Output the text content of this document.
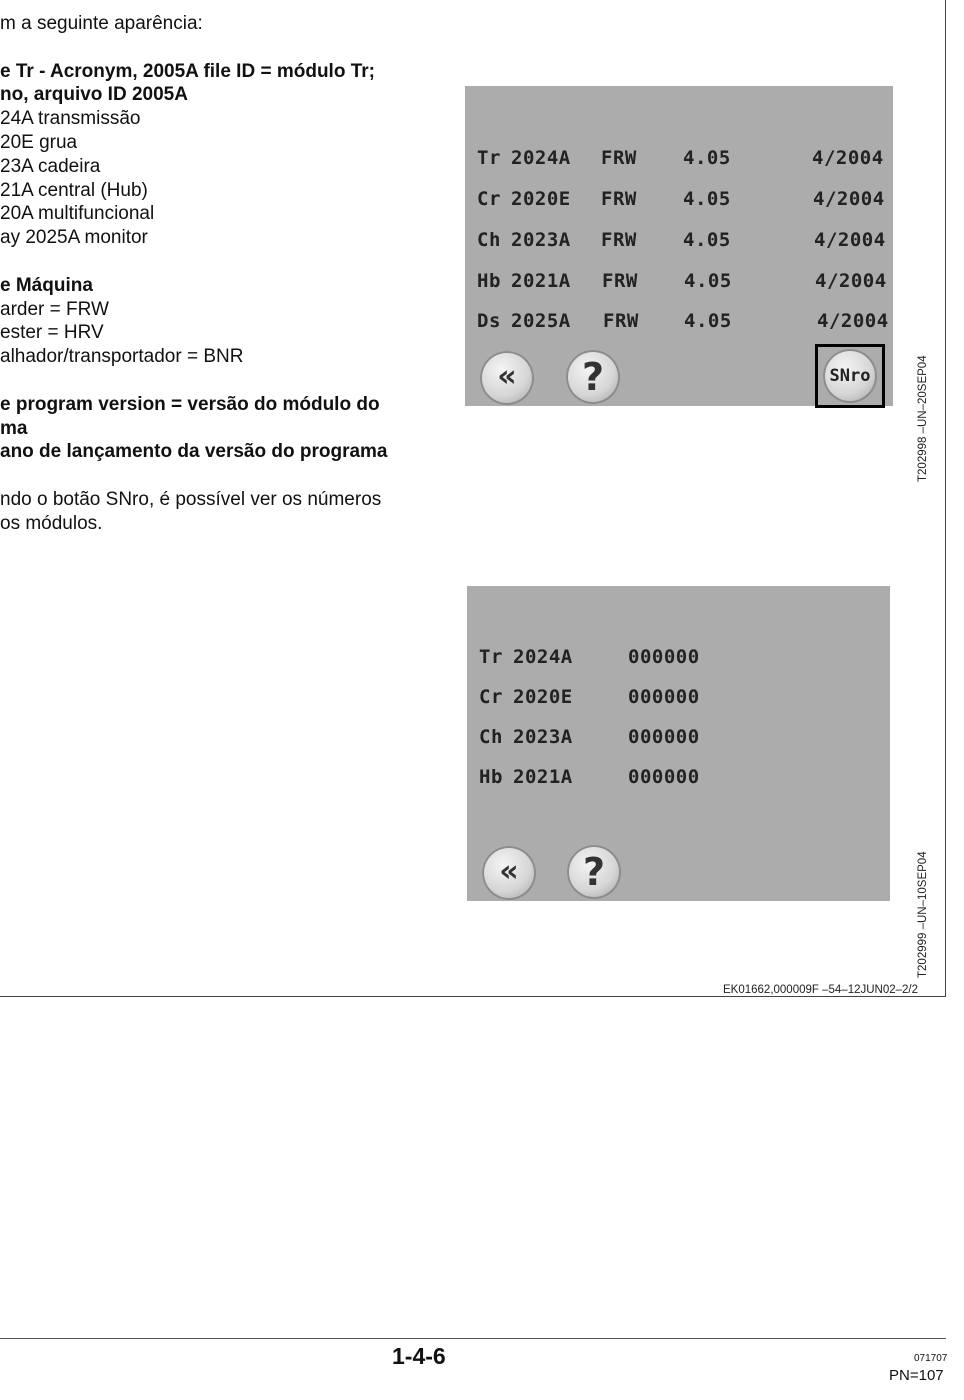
m a seguinte aparência:
e Tr - Acronym, 2005A file ID = módulo Tr;
no, arquivo ID 2005A
24A transmissão
20E grua
23A cadeira
21A central (Hub)
20A multifuncional
ay 2025A monitor
e Máquina
arder = FRW
ester = HRV
alhador/transportador = BNR
e program version = versão do módulo do
ma
ano de lançamento da versão do programa
ndo o botão SNro, é possível ver os números
os módulos.
Tr 2024A FRW 4.05	4/2004
Cr 2020E FRW 4.05	4/2004
Ch 2023A FRW 4.05	4/2004
Hb 2021A FRW 4.05	4/2004
Ds 2025A FRW 4.05	4/2004
« ?	SNro	T202998 –UN–20SEP04
Tr 2024A	000000
Cr 2020E	000000
Ch 2023A	000000
Hb 2021A	000000
« ?	T202999 –UN–10SEP04
EK01662,000009F –54–12JUN02–2/2
1-4-6	071707
PN=107
